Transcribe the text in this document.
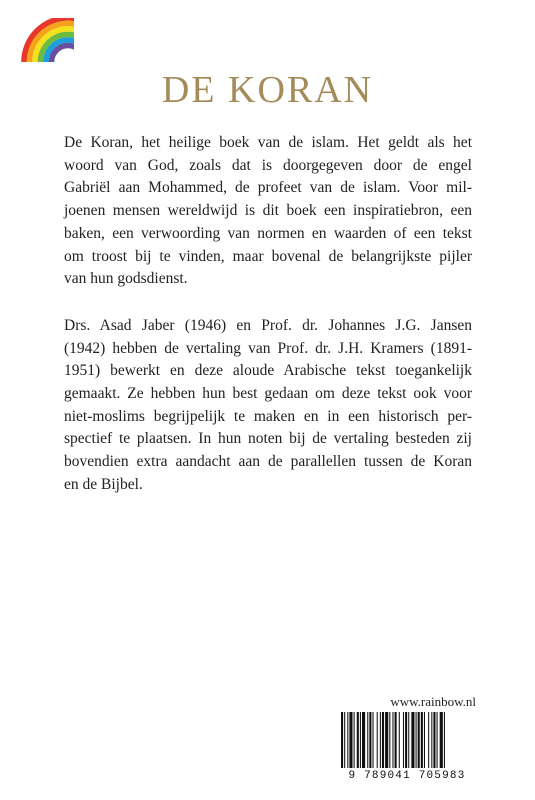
DE KORAN

De Koran, het heilige boek van de islam. Het geldt als het
woord van God, zoals dat is doorgegeven door de engel
Gabriël aan Mohammed, de profeet van de islam. Voor mil-
joenen mensen wereldwijd is dit boek een inspiratiebron, een
baken, een verwoording van normen en waarden of een tekst
om troost bij te vinden, maar bovenal de belangrijkste pijler
van hun godsdienst.

Drs. Asad Jaber (1946) en Prof. dr. Johannes J.G. Jansen
(1942) hebben de vertaling van Prof. dr. J.H. Kramers (1891-
1951) bewerkt en deze aloude Arabische tekst toegankelijk
gemaakt. Ze hebben hun best gedaan om deze tekst ook voor
niet-moslims begrijpelijk te maken en in een historisch per-
spectief te plaatsen. In hun noten bij de vertaling besteden zij
bovendien extra aandacht aan de parallellen tussen de Koran
en de Bijbel.

www.rainbow.nl
9 789041 705983
